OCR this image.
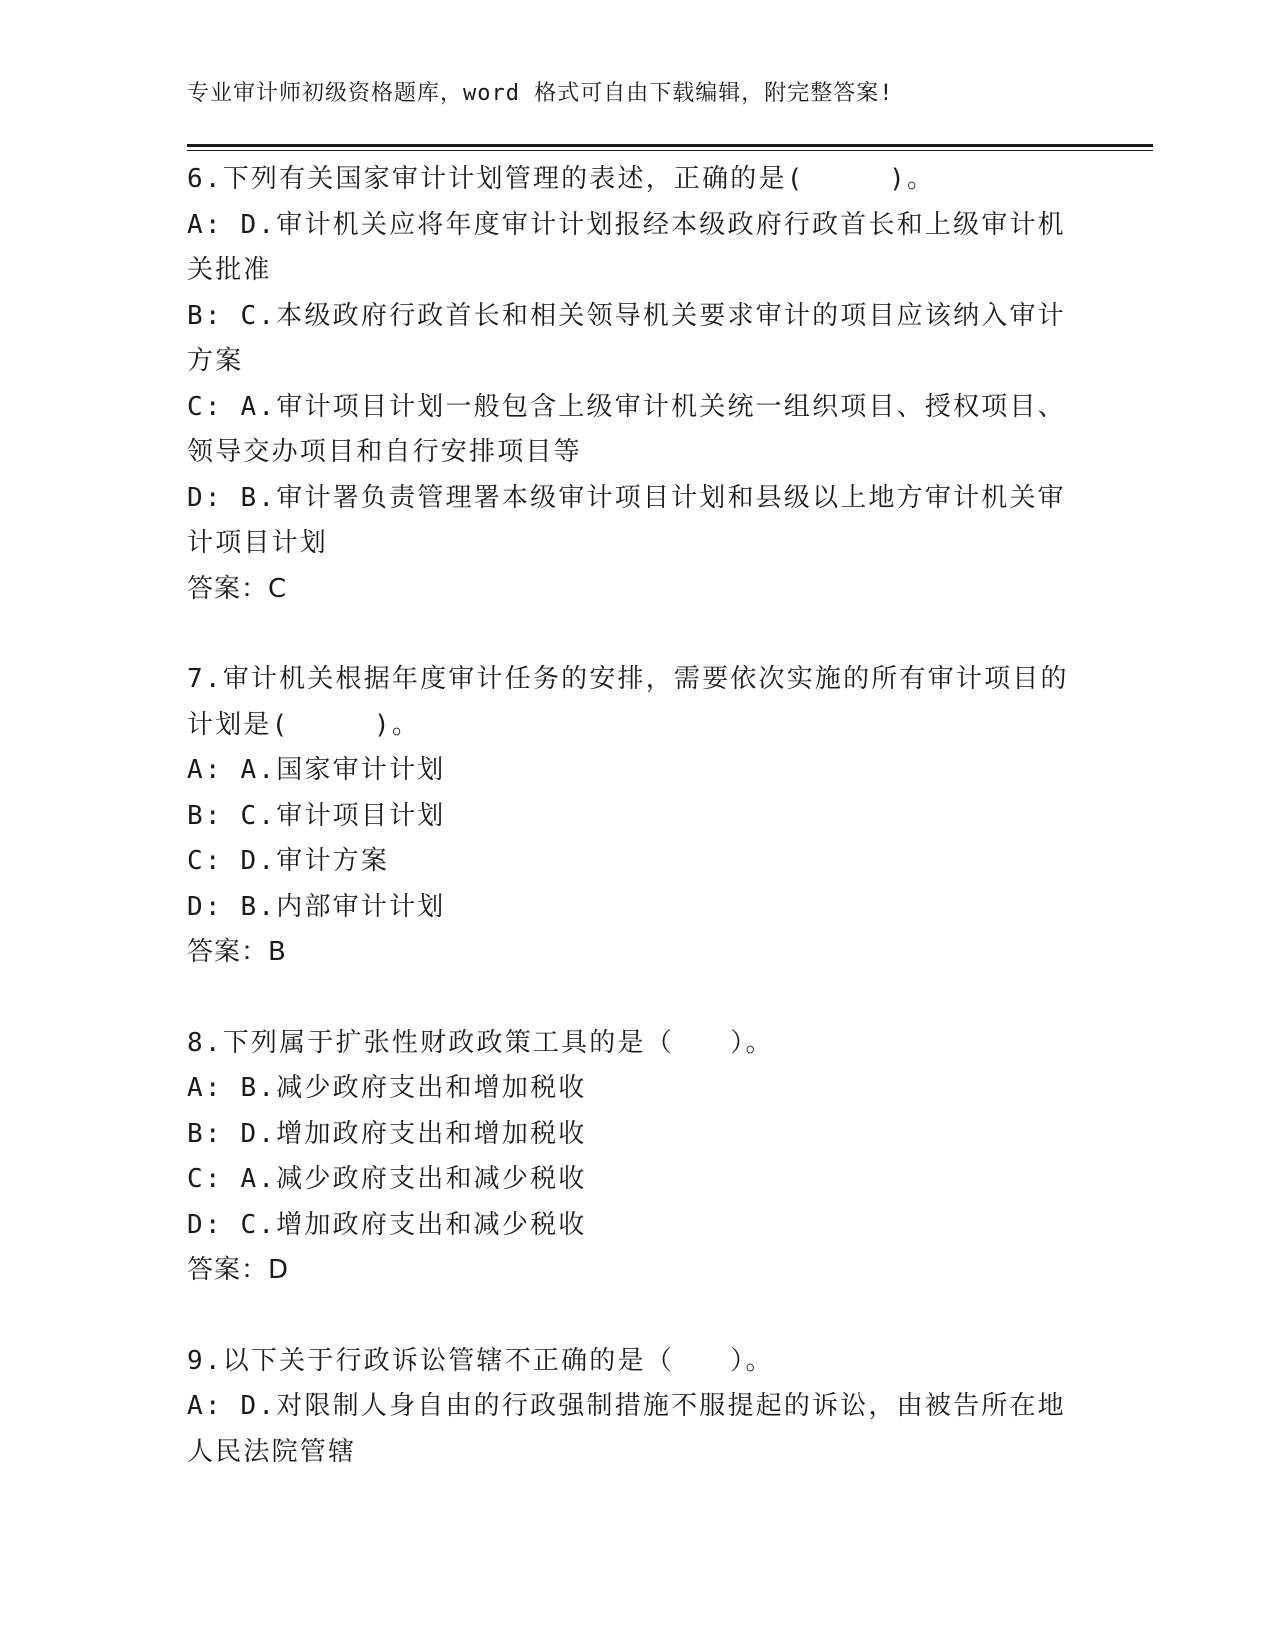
专业审计师初级资格题库，word 格式可自由下载编辑，附完整答案!
6.下列有关国家审计计划管理的表述，正确的是(　　　)。
A: D.审计机关应将年度审计计划报经本级政府行政首长和上级审计机关批准
B: C.本级政府行政首长和相关领导机关要求审计的项目应该纳入审计方案
C: A.审计项目计划一般包含上级审计机关统一组织项目、授权项目、领导交办项目和自行安排项目等
D: B.审计署负责管理署本级审计项目计划和县级以上地方审计机关审计项目计划
答案：C
7.审计机关根据年度审计任务的安排，需要依次实施的所有审计项目的计划是(　　　)。
A: A.国家审计计划
B: C.审计项目计划
C: D.审计方案
D: B.内部审计计划
答案：B
8.下列属于扩张性财政政策工具的是（　　）。
A: B.减少政府支出和增加税收
B: D.增加政府支出和增加税收
C: A.减少政府支出和减少税收
D: C.增加政府支出和减少税收
答案：D
9.以下关于行政诉讼管辖不正确的是（　　）。
A: D.对限制人身自由的行政强制措施不服提起的诉讼，由被告所在地人民法院管辖
